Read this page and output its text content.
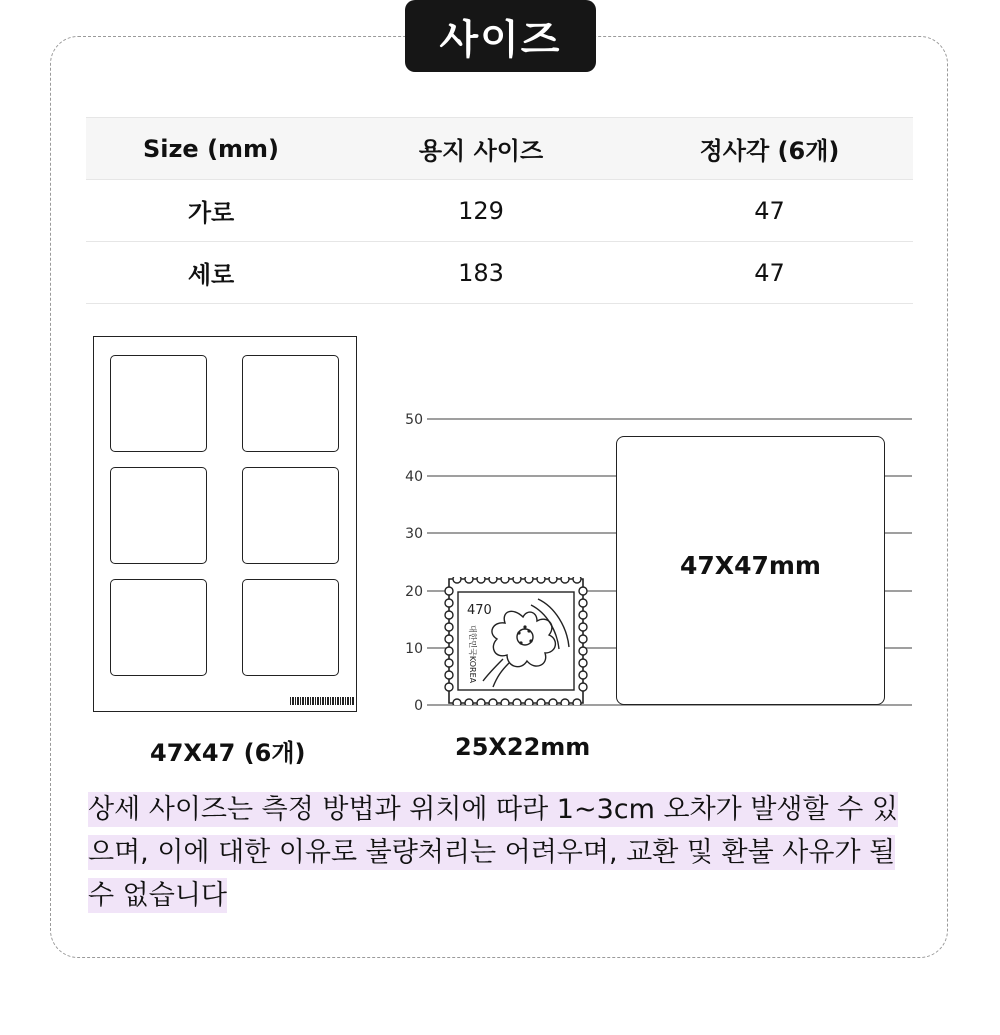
사이즈
Size (mm)	용지 사이즈	정사각 (6개)
가로	129	47
세로	183	47
47X47 (6개)
50
40
30
20
10
0
47X47mm
470
대한민국KOREA
25X22mm
상세 사이즈는 측정 방법과 위치에 따라 1~3cm 오차가 발생할 수 있으며, 이에 대한 이유로 불량처리는 어려우며, 교환 및 환불 사유가 될 수 없습니다
